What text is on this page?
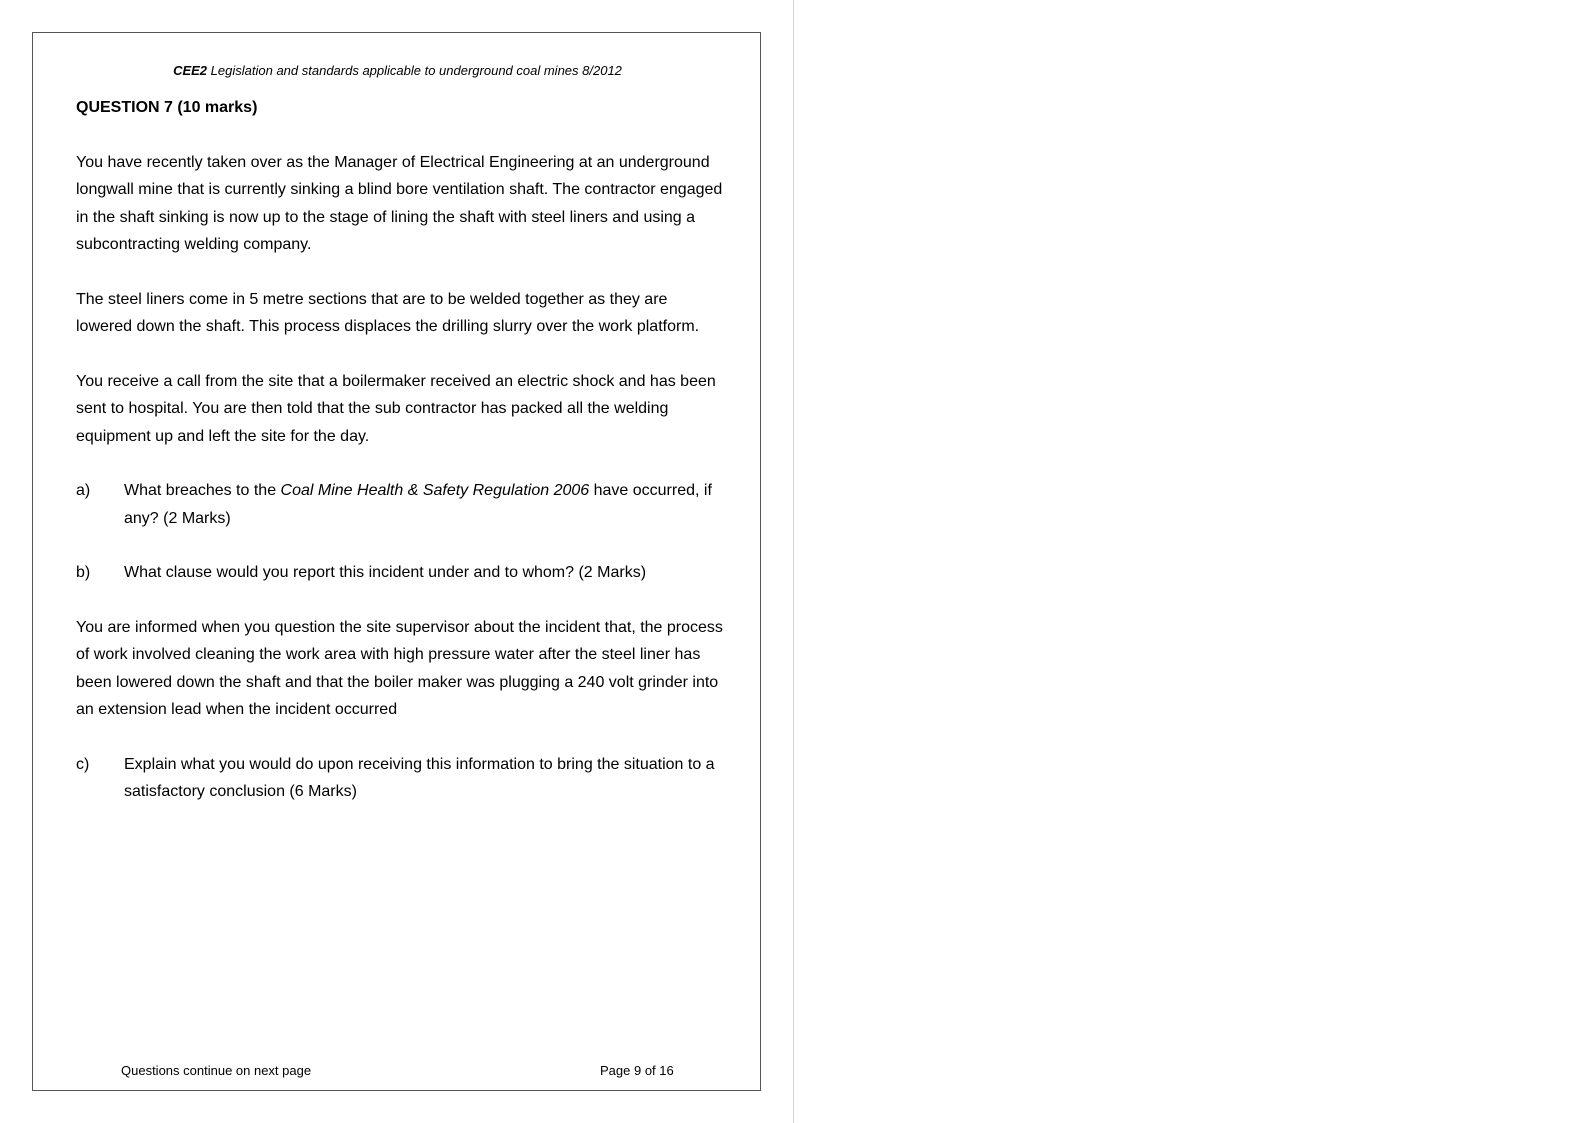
CEE2 Legislation and standards applicable to underground coal mines 8/2012
QUESTION 7 (10 marks)
You have recently taken over as the Manager of Electrical Engineering at an underground longwall mine that is currently sinking a blind bore ventilation shaft. The contractor engaged in the shaft sinking is now up to the stage of lining the shaft with steel liners and using a subcontracting welding company.
The steel liners come in 5 metre sections that are to be welded together as they are lowered down the shaft. This process displaces the drilling slurry over the work platform.
You receive a call from the site that a boilermaker received an electric shock and has been sent to hospital. You are then told that the sub contractor has packed all the welding equipment up and left the site for the day.
a)	What breaches to the Coal Mine Health & Safety Regulation 2006 have occurred, if any? (2 Marks)
b)	What clause would you report this incident under and to whom? (2 Marks)
You are informed when you question the site supervisor about the incident that, the process of work involved cleaning the work area with high pressure water after the steel liner has been lowered down the shaft and that the boiler maker was plugging a 240 volt grinder into an extension lead when the incident occurred
c)	Explain what you would do upon receiving this information to bring the situation to a satisfactory conclusion (6 Marks)
Questions continue on next page	Page 9 of 16
